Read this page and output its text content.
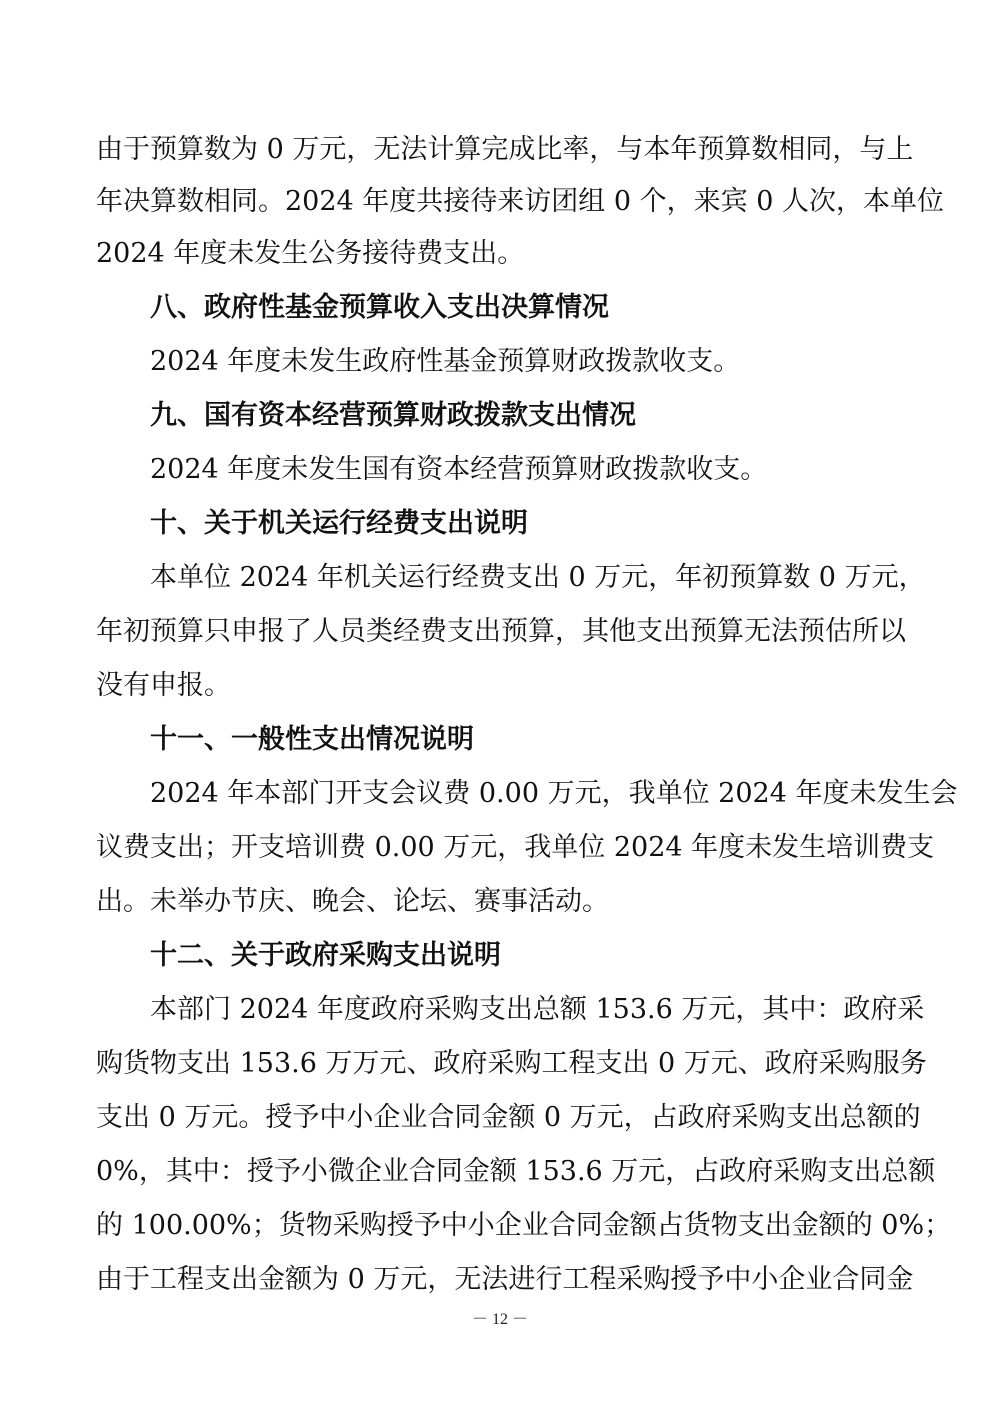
由于预算数为 0 万元，无法计算完成比率，与本年预算数相同，与上
年决算数相同。2024 年度共接待来访团组 0 个，来宾 0 人次，本单位
2024 年度未发生公务接待费支出。
八、政府性基金预算收入支出决算情况
2024 年度未发生政府性基金预算财政拨款收支。
九、国有资本经营预算财政拨款支出情况
2024 年度未发生国有资本经营预算财政拨款收支。
十、关于机关运行经费支出说明
本单位 2024 年机关运行经费支出 0 万元，年初预算数 0 万元，
年初预算只申报了人员类经费支出预算，其他支出预算无法预估所以
没有申报。
十一、一般性支出情况说明
2024 年本部门开支会议费 0.00 万元，我单位 2024 年度未发生会
议费支出；开支培训费 0.00 万元，我单位 2024 年度未发生培训费支
出。未举办节庆、晚会、论坛、赛事活动。
十二、关于政府采购支出说明
本部门 2024 年度政府采购支出总额 153.6 万元，其中：政府采
购货物支出 153.6 万万元、政府采购工程支出 0 万元、政府采购服务
支出 0 万元。授予中小企业合同金额 0 万元，占政府采购支出总额的
0%，其中：授予小微企业合同金额 153.6 万元，占政府采购支出总额
的 100.00%；货物采购授予中小企业合同金额占货物支出金额的 0%；
由于工程支出金额为 0 万元，无法进行工程采购授予中小企业合同金
－ 12 －
